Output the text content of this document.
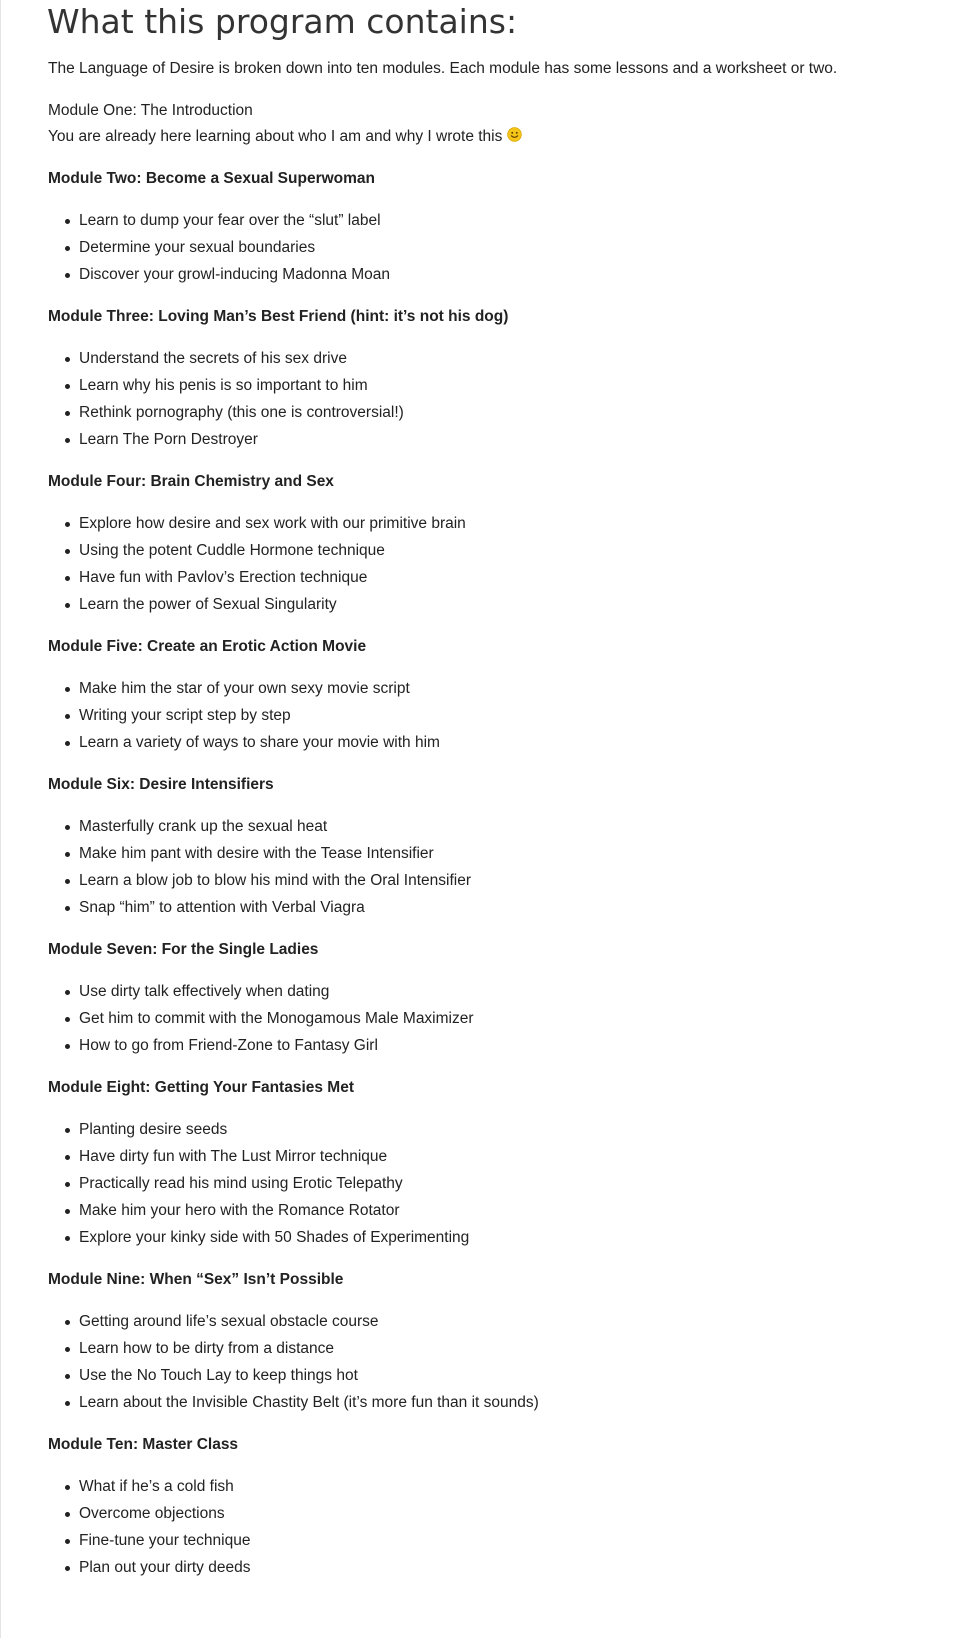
What this program contains:

The Language of Desire is broken down into ten modules. Each module has some lessons and a worksheet or two.

Module One: The Introduction

You are already here learning about who I am and why I wrote this

Module Two: Become a Sexual Superwoman
Learn to dump your fear over the “slut” label
Determine your sexual boundaries
Discover your growl-inducing Madonna Moan
Module Three: Loving Man’s Best Friend (hint: it’s not his dog)
Understand the secrets of his sex drive
Learn why his penis is so important to him
Rethink pornography (this one is controversial!)
Learn The Porn Destroyer
Module Four: Brain Chemistry and Sex
Explore how desire and sex work with our primitive brain
Using the potent Cuddle Hormone technique
Have fun with Pavlov’s Erection technique
Learn the power of Sexual Singularity
Module Five: Create an Erotic Action Movie
Make him the star of your own sexy movie script
Writing your script step by step
Learn a variety of ways to share your movie with him
Module Six: Desire Intensifiers
Masterfully crank up the sexual heat
Make him pant with desire with the Tease Intensifier
Learn a blow job to blow his mind with the Oral Intensifier
Snap “him” to attention with Verbal Viagra
Module Seven: For the Single Ladies
Use dirty talk effectively when dating
Get him to commit with the Monogamous Male Maximizer
How to go from Friend-Zone to Fantasy Girl
Module Eight: Getting Your Fantasies Met
Planting desire seeds
Have dirty fun with The Lust Mirror technique
Practically read his mind using Erotic Telepathy
Make him your hero with the Romance Rotator
Explore your kinky side with 50 Shades of Experimenting
Module Nine: When “Sex” Isn’t Possible
Getting around life’s sexual obstacle course
Learn how to be dirty from a distance
Use the No Touch Lay to keep things hot
Learn about the Invisible Chastity Belt (it’s more fun than it sounds)
Module Ten: Master Class
What if he’s a cold fish
Overcome objections
Fine-tune your technique
Plan out your dirty deeds
